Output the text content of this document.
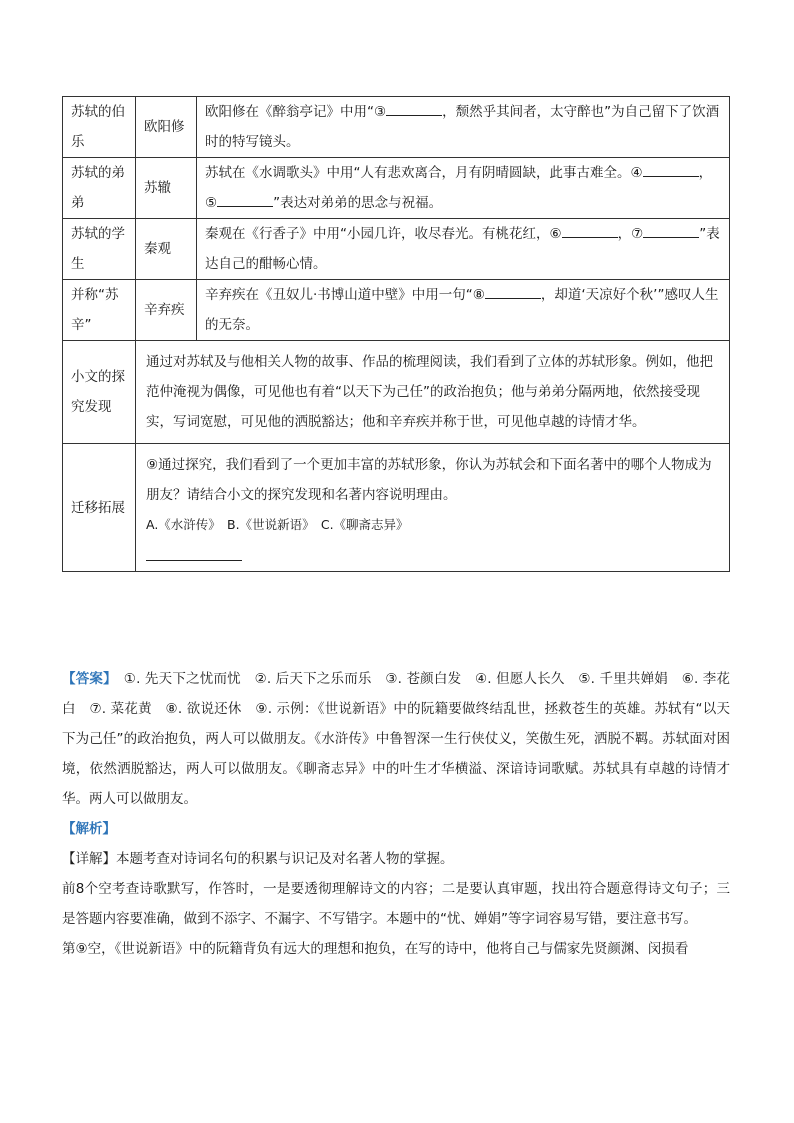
苏轼的伯乐	欧阳修	欧阳修在《醉翁亭记》中用“③ ，颓然乎其间者，太守醉也”为自己留下了饮酒时的特写镜头。
苏轼的弟弟	苏辙	苏轼在《水调歌头》中用“人有悲欢离合，月有阴晴圆缺，此事古难全。④ ，⑤ ”表达对弟弟的思念与祝福。
苏轼的学生	秦观	秦观在《行香子》中用“小园几许，收尽春光。有桃花红，⑥ ，⑦ ”表达自己的酣畅心情。
并称“苏辛”	辛弃疾	辛弃疾在《丑奴儿·书博山道中壁》中用一句“⑧ ，却道‘天凉好个秋’”感叹人生的无奈。
小文的探究发现	通过对苏轼及与他相关人物的故事、作品的梳理阅读，我们看到了立体的苏轼形象。例如，他把范仲淹视为偶像，可见他也有着“以天下为己任”的政治抱负；他与弟弟分隔两地，依然接受现实，写词宽慰，可见他的洒脱豁达；他和辛弃疾并称于世，可见他卓越的诗情才华。	
迁移拓展	⑨通过探究，我们看到了一个更加丰富的苏轼形象，你认为苏轼会和下面名著中的哪个人物成为朋友？请结合小文的探究发现和名著内容说明理由。
A.《水浒传》　B.《世说新语》　C.《聊斋志异》	

【答案】　①. 先天下之忧而忧　②. 后天下之乐而乐　③. 苍颜白发　④. 但愿人长久　⑤. 千里共婵娟　⑥. 李花白　⑦. 菜花黄　⑧. 欲说还休　⑨. 示例：《世说新语》中的阮籍要做终结乱世，拯救苍生的英雄。苏轼有“以天下为己任”的政治抱负，两人可以做朋友。《水浒传》中鲁智深一生行侠仗义，笑傲生死，洒脱不羁。苏轼面对困境，依然洒脱豁达，两人可以做朋友。《聊斋志异》中的叶生才华横溢、深谙诗词歌赋。苏轼具有卓越的诗情才华。两人可以做朋友。

【解析】

【详解】本题考查对诗词名句的积累与识记及对名著人物的掌握。

前8个空考查诗歌默写，作答时，一是要透彻理解诗文的内容；二是要认真审题，找出符合题意得诗文句子；三是答题内容要准确，做到不添字、不漏字、不写错字。本题中的“忧、婵娟”等字词容易写错，要注意书写。

第⑨空，《世说新语》中的阮籍背负有远大的理想和抱负，在写的诗中，他将自己与儒家先贤颜渊、闵损看
